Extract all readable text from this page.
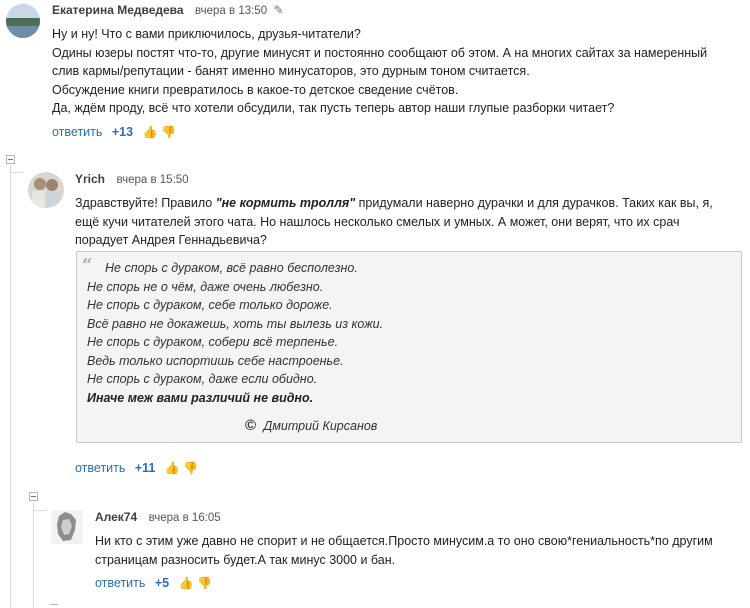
Екатерина Медведева вчера в 13:50 ✎

Ну и ну! Что с вами приключилось, друзья-читатели?

Одины юзеры постят что-то, другие минусят и постоянно сообщают об этом. А на многих сайтах за намеренный

слив кармы/репутации - банят именно минусаторов, это дурным тоном считается.

Обсуждение книги превратилось в какое-то детское сведение счётов.

Да, ждём проду, всё что хотели обсудили, так пусть теперь автор наши глупые разборки читает?

ответить +13 👍 👎
Yrich вчера в 15:50

Здравствуйте! Правило "не кормить тролля" придумали наверно дурачки и для дурачков. Таких как вы, я,

ещё кучи читателей этого чата. Но нашлось несколько смелых и умных. А может, они верят, что их срач

порадует Андрея Геннадьевича?

“ Не спорь с дураком, всё равно бесполезно.
Не спорь не о чём, даже очень любезно.
Не спорь с дураком, себе только дороже.
Всё равно не докажешь, хоть ты вылезь из кожи.
Не спорь с дураком, собери всё терпенье.
Ведь только испортишь себе настроенье.
Не спорь с дураком, даже если обидно.
Иначе меж вами различий не видно.
© Дмитрий Кирсанов
ответить +11 👍 👎
Алек74 вчера в 16:05

Ни кто с этим уже давно не спорит и не общается.Просто минусим.а то оно свою*гениальность*по другим

страницам разносить будет.А так минус 3000 и бан.

ответить +5 👍 👎
